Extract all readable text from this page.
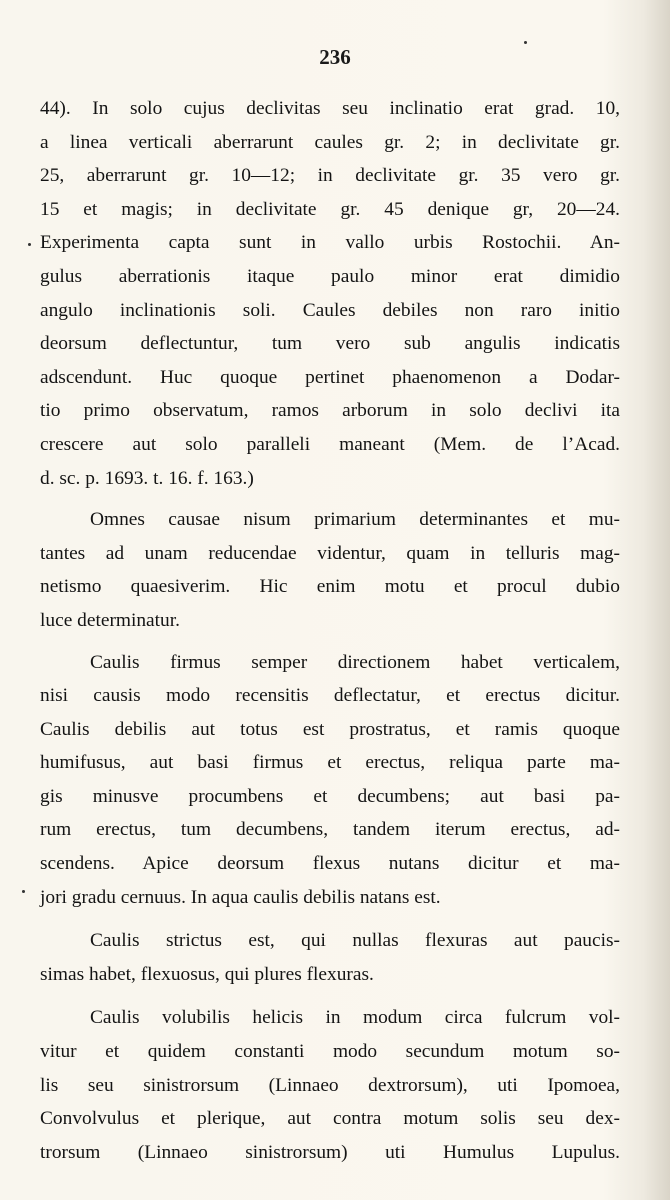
236
44). In solo cujus declivitas seu inclinatio erat grad. 10,
a linea verticali aberrarunt caules gr. 2; in declivitate gr.
25, aberrarunt gr. 10—12; in declivitate gr. 35 vero gr.
15 et magis; in declivitate gr. 45 denique gr, 20—24.
Experimenta capta sunt in vallo urbis Rostochii. An-
gulus aberrationis itaque paulo minor erat dimidio
angulo inclinationis soli. Caules debiles non raro initio
deorsum deflectuntur, tum vero sub angulis indicatis
adscendunt. Huc quoque pertinet phaenomenon a Dodar-
tio primo observatum, ramos arborum in solo declivi ita
crescere aut solo paralleli maneant (Mem. de l’Acad.
d. sc. p. 1693. t. 16. f. 163.)
Omnes causae nisum primarium determinantes et mu-
tantes ad unam reducendae videntur, quam in telluris mag-
netismo quaesiverim. Hic enim motu et procul dubio
luce determinatur.
Caulis firmus semper directionem habet verticalem,
nisi causis modo recensitis deflectatur, et erectus dicitur.
Caulis debilis aut totus est prostratus, et ramis quoque
humifusus, aut basi firmus et erectus, reliqua parte ma-
gis minusve procumbens et decumbens; aut basi pa-
rum erectus, tum decumbens, tandem iterum erectus, ad-
scendens. Apice deorsum flexus nutans dicitur et ma-
jori gradu cernuus. In aqua caulis debilis natans est.
Caulis strictus est, qui nullas flexuras aut paucis-
simas habet, flexuosus, qui plures flexuras.
Caulis volubilis helicis in modum circa fulcrum vol-
vitur et quidem constanti modo secundum motum so-
lis seu sinistrorsum (Linnaeo dextrorsum), uti Ipomoea,
Convolvulus et plerique, aut contra motum solis seu dex-
trorsum (Linnaeo sinistrorsum) uti Humulus Lupulus.
